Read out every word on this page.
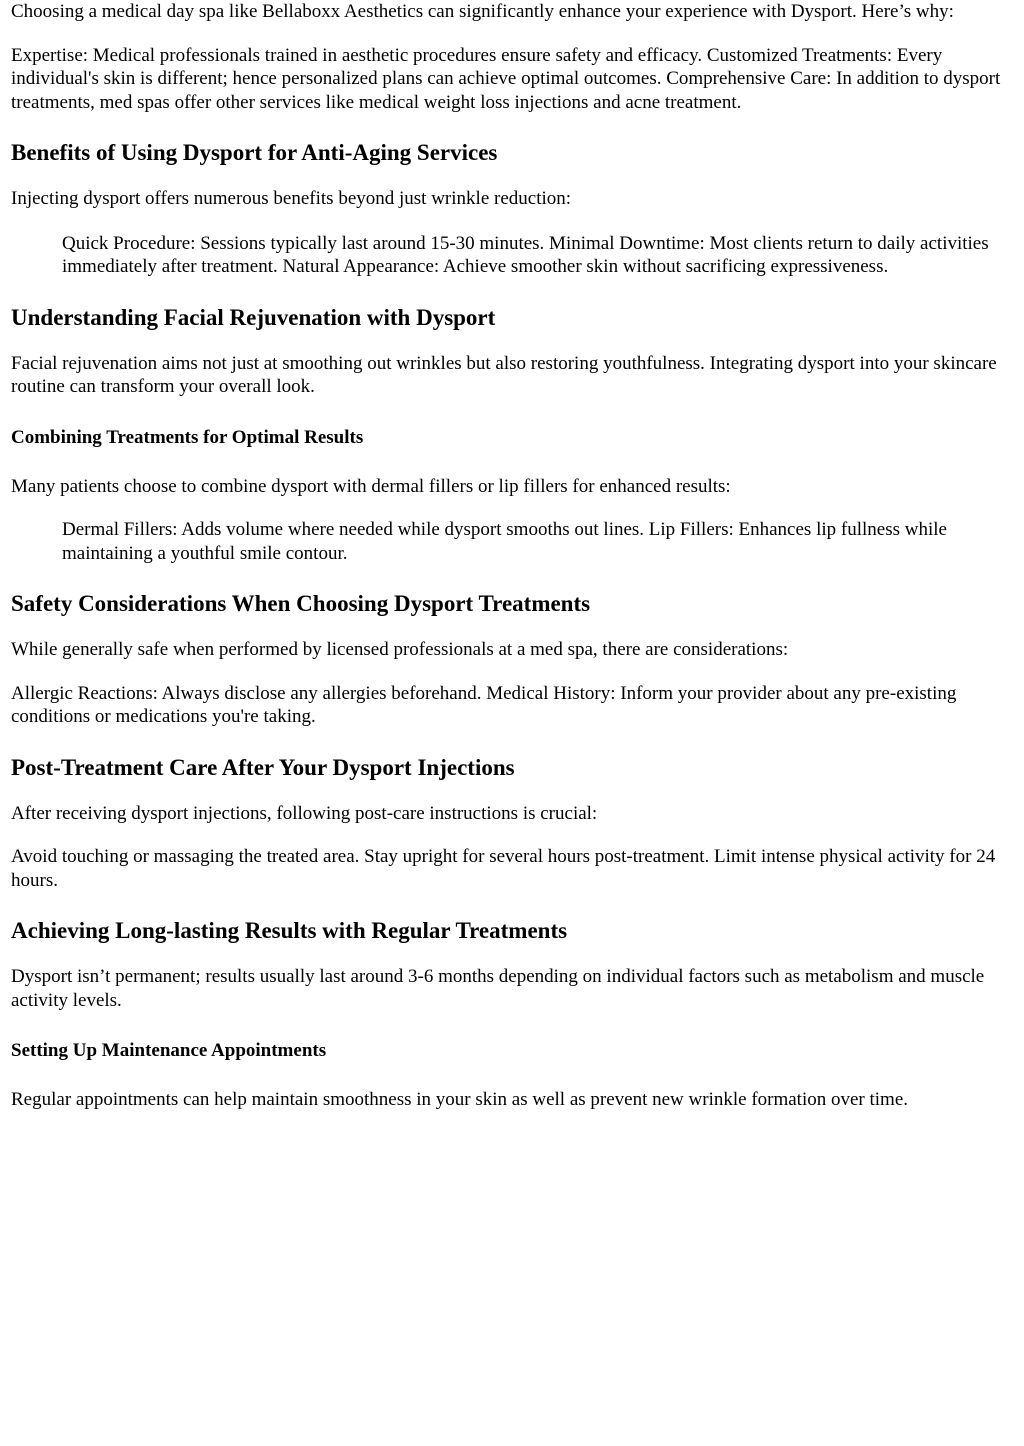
Choosing a medical day spa like Bellaboxx Aesthetics can significantly enhance your experience with Dysport. Here’s why:

Expertise: Medical professionals trained in aesthetic procedures ensure safety and efficacy. Customized Treatments: Every individual's skin is different; hence personalized plans can achieve optimal outcomes. Comprehensive Care: In addition to dysport treatments, med spas offer other services like medical weight loss injections and acne treatment.

Benefits of Using Dysport for Anti-Aging Services

Injecting dysport offers numerous benefits beyond just wrinkle reduction:

Quick Procedure: Sessions typically last around 15-30 minutes. Minimal Downtime: Most clients return to daily activities immediately after treatment. Natural Appearance: Achieve smoother skin without sacrificing expressiveness.

Understanding Facial Rejuvenation with Dysport

Facial rejuvenation aims not just at smoothing out wrinkles but also restoring youthfulness. Integrating dysport into your skincare routine can transform your overall look.

Combining Treatments for Optimal Results

Many patients choose to combine dysport with dermal fillers or lip fillers for enhanced results:

Dermal Fillers: Adds volume where needed while dysport smooths out lines. Lip Fillers: Enhances lip fullness while maintaining a youthful smile contour.

Safety Considerations When Choosing Dysport Treatments

While generally safe when performed by licensed professionals at a med spa, there are considerations:

Allergic Reactions: Always disclose any allergies beforehand. Medical History: Inform your provider about any pre-existing conditions or medications you're taking.

Post-Treatment Care After Your Dysport Injections

After receiving dysport injections, following post-care instructions is crucial:

Avoid touching or massaging the treated area. Stay upright for several hours post-treatment. Limit intense physical activity for 24 hours.

Achieving Long-lasting Results with Regular Treatments

Dysport isn’t permanent; results usually last around 3-6 months depending on individual factors such as metabolism and muscle activity levels.

Setting Up Maintenance Appointments

Regular appointments can help maintain smoothness in your skin as well as prevent new wrinkle formation over time.
